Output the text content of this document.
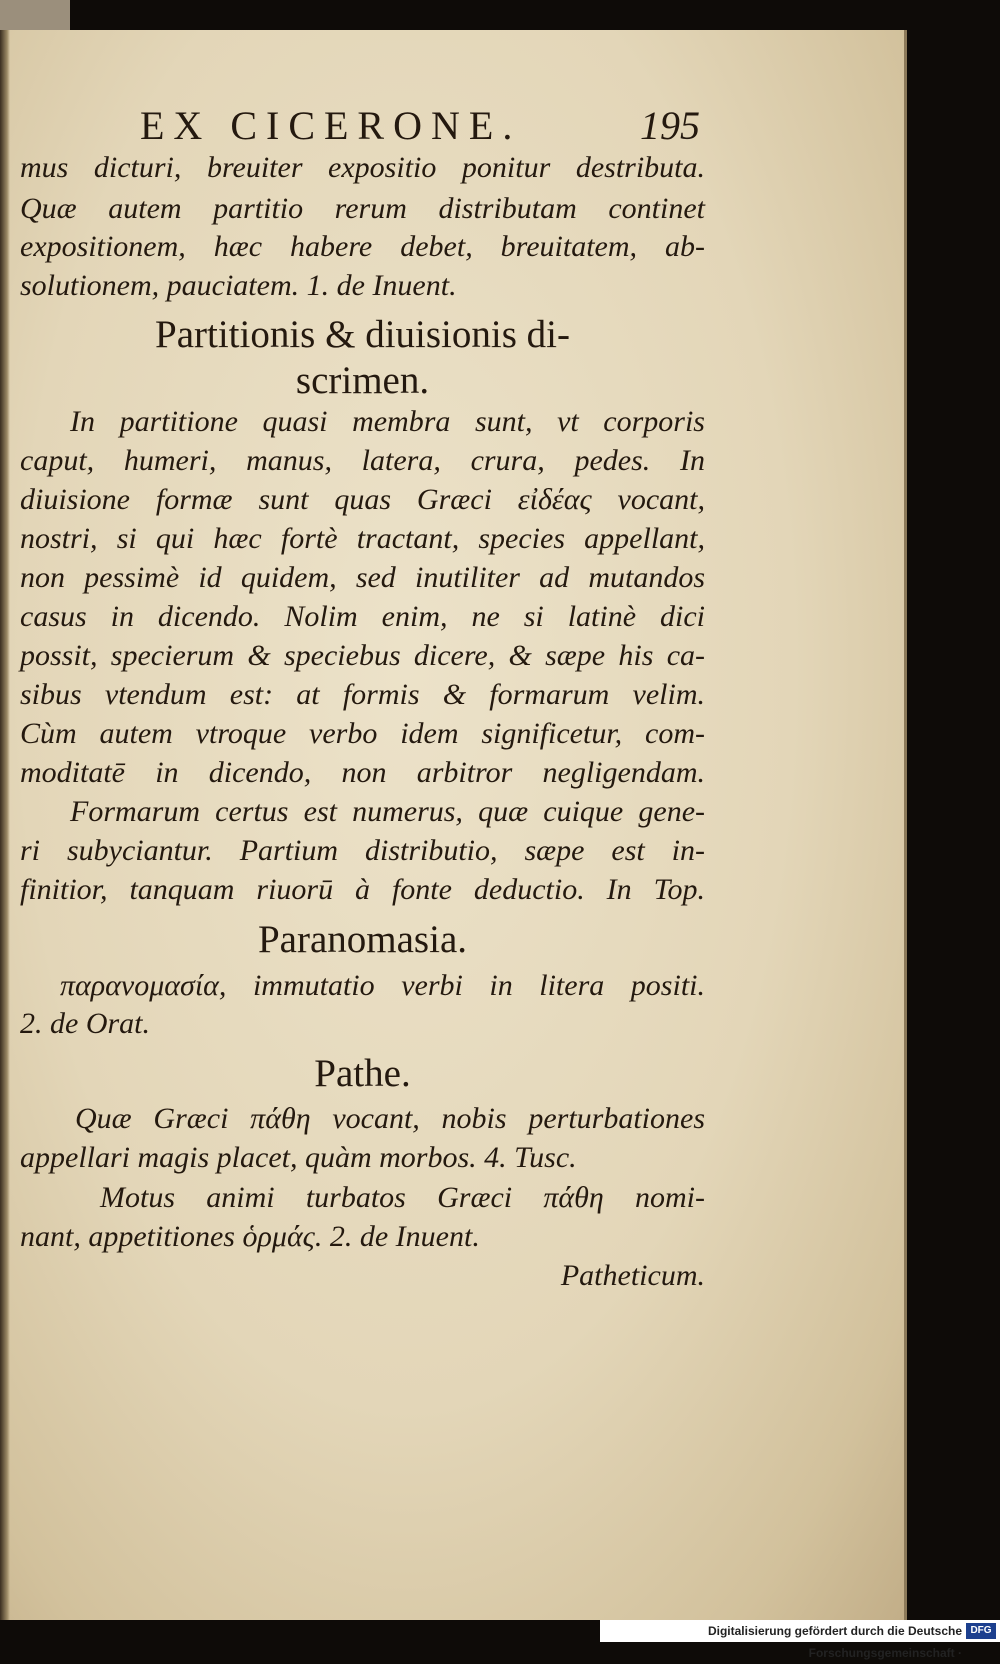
EX CICERONE.	195
mus dicturi, breuiter expositio ponitur destributa.
Quæ autem partitio rerum distributam continet
expositionem, hæc habere debet, breuitatem, ab-
solutionem, pauciatem. 1. de Inuent.
Partitionis & diuisionis di-
scrimen.
In partitione quasi membra sunt, vt corporis
caput, humeri, manus, latera, crura, pedes. In
diuisione formæ sunt quas Græci εἰδέας vocant,
nostri, si qui hæc fortè tractant, species appellant,
non pessimè id quidem, sed inutiliter ad mutandos
casus in dicendo. Nolim enim, ne si latinè dici
possit, specierum & speciebus dicere, & sæpe his ca-
sibus vtendum est: at formis & formarum velim.
Cùm autem vtroque verbo idem significetur, com-
moditatē in dicendo, non arbitror negligendam.
Formarum certus est numerus, quæ cuique gene-
ri subyciantur. Partium distributio, sæpe est in-
finitior, tanquam riuorū à fonte deductio. In Top.
Paranomasia.
παρανομασία, immutatio verbi in litera positi.
2. de Orat.
Pathe.
Quæ Græci πάθη vocant, nobis perturbationes
appellari magis placet, quàm morbos. 4. Tusc.
Motus animi turbatos Græci πάθη nomi-
nant, appetitiones ὁρμάς. 2. de Inuent.
Patheticum.
Digitalisierung gefördert durch die Deutsche Forschungsgemeinschaft ·
DFG
